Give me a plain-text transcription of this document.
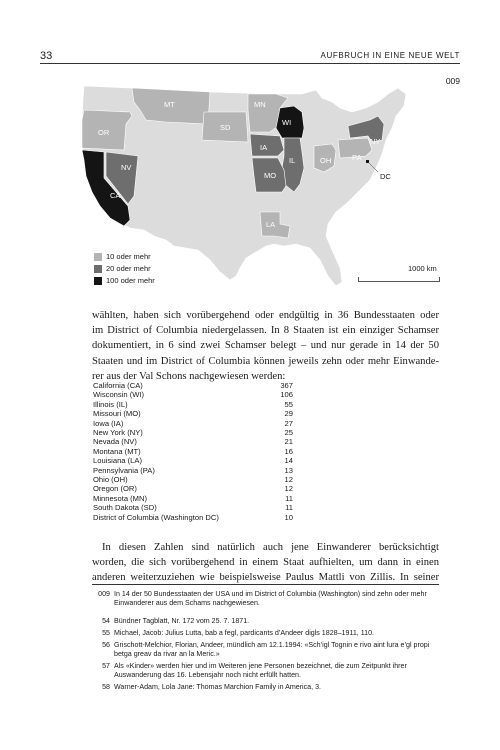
33	AUFBRUCH IN EINE NEUE WELT
009
MT	MN
WI
OR
SD
IA
IL
NY
NV
OH	PA
MO
CA
LA
DC
10 oder mehr
20 oder mehr
100 oder mehr
1000 km
wählten, haben sich vorübergehend oder endgültig in 36 Bundesstaaten oder
im District of Columbia niedergelassen. In 8 Staaten ist ein einziger Schamser
dokumentiert, in 6 sind zwei Schamser belegt – und nur gerade in 14 der 50
Staaten und im District of Columbia können jeweils zehn oder mehr Einwande-
rer aus der Val Schons nachgewiesen werden:
California (CA)	367
Wisconsin (WI)	106
Illinois (IL)	55
Missouri (MO)	29
Iowa (IA)	27
New York (NY)	25
Nevada (NV)	21
Montana (MT)	16
Louisiana (LA)	14
Pennsylvania (PA)	13
Ohio (OH)	12
Oregon (OR)	12
Minnesota (MN)	11
South Dakota (SD)	11
District of Columbia (Washington DC)	10
In diesen Zahlen sind natürlich auch jene Einwanderer berücksichtigt
worden, die sich vorübergehend in einem Staat aufhielten, um dann in einen
anderen weiterzuziehen wie beispielsweise Paulus Mattli von Zillis. In seiner
009 In 14 der 50 Bundesstaaten der USA und im District of Columbia (Washington) sind zehn oder mehr Einwanderer aus dem Schams nachgewiesen.
54 Bündner Tagblatt, Nr. 172 vom 25. 7. 1871.
55 Michael, Jacob: Julius Lutta, bab a fegl, pardicants d’Andeer digls 1828–1911, 110.
56 Grischott-Melchior, Florian, Andeer, mündlich am 12.1.1994: «Sch’igl Tognin e rivo aint lura e’gl propi betga greav da rivar an la Meric.»
57 Als «Kinder» werden hier und im Weiteren jene Personen bezeichnet, die zum Zeitpunkt ihrer Auswanderung das 16. Lebensjahr noch nicht erfüllt hatten.
58 Warner-Adam, Lola Jane: Thomas Marchion Family in America, 3.
